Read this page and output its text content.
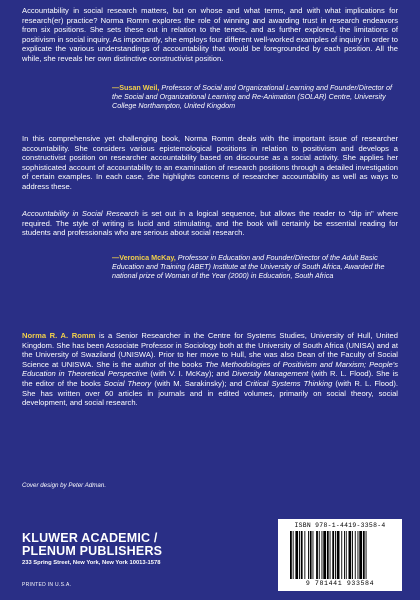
Accountability in social research matters, but on whose and what terms, and with what implications for research(er) practice? Norma Romm explores the role of winning and awarding trust in research endeavors from six positions. She sets these out in relation to the tenets, and as further explored, the limitations of positivism in social inquiry. As importantly, she employs four different well-worked examples of inquiry in order to explicate the various understandings of accountability that would be foregrounded by each position. All the while, she reveals her own distinctive constructivist position.

—Susan Weil, Professor of Social and Organizational Learning and Founder/Director of the Social and Organizational Learning and Re-Animation (SOLAR) Centre, University College Northampton, United Kingdom

In this comprehensive yet challenging book, Norma Romm deals with the important issue of researcher accountability. She considers various epistemological positions in relation to positivism and develops a constructivist position on researcher accountability based on discourse as a social activity. She applies her sophisticated account of accountability to an examination of research positions through a detailed investigation of certain examples. In each case, she highlights concerns of researcher accountability as well as ways to address these.

Accountability in Social Research is set out in a logical sequence, but allows the reader to "dip in" where required. The style of writing is lucid and stimulating, and the book will certainly be essential reading for students and professionals who are serious about social research.

—Veronica McKay, Professor in Education and Founder/Director of the Adult Basic Education and Training (ABET) Institute at the University of South Africa, Awarded the national prize of Woman of the Year (2000) in Education, South Africa

Norma R. A. Romm is a Senior Researcher in the Centre for Systems Studies, University of Hull, United Kingdom. She has been Associate Professor in Sociology both at the University of South Africa (UNISA) and at the University of Swaziland (UNISWA). Prior to her move to Hull, she was also Dean of the Faculty of Social Science at UNISWA. She is the author of the books The Methodologies of Positivism and Marxism; People's Education in Theoretical Perspective (with V. I. McKay); and Diversity Management (with R. L. Flood). She is the editor of the books Social Theory (with M. Sarakinsky); and Critical Systems Thinking (with R. L. Flood). She has written over 60 articles in journals and in edited volumes, primarily on social theory, social development, and social research.

Cover design by Peter Adman.

KLUWER ACADEMIC /
PLENUM PUBLISHERS

233 Spring Street, New York, New York 10013-1578

PRINTED IN U.S.A.

ISBN 978-1-4419-3358-4
9 781441 933584
